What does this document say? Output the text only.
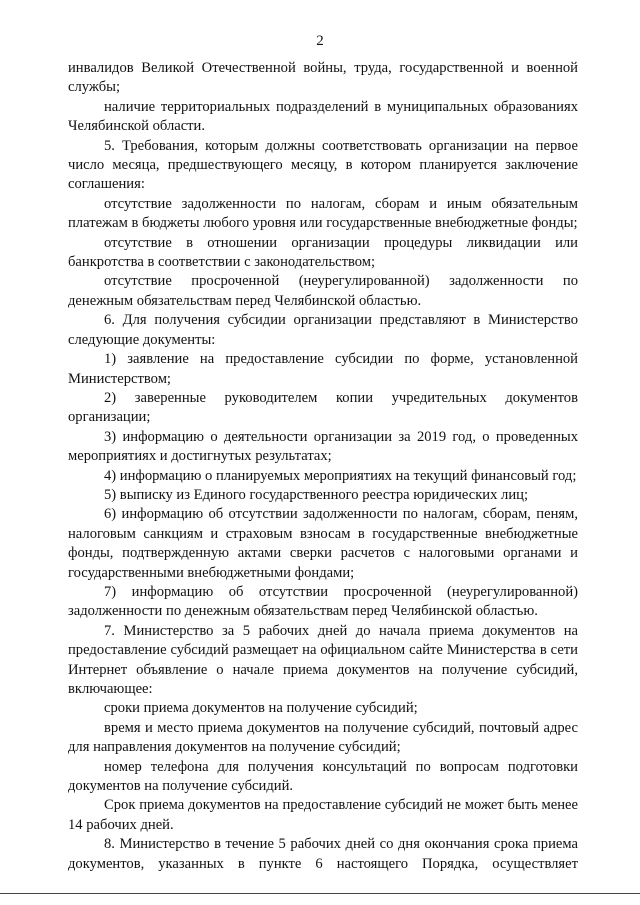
2

инвалидов Великой Отечественной войны, труда, государственной и военной службы;

наличие территориальных подразделений в муниципальных образованиях Челябинской области.

5. Требования, которым должны соответствовать организации на первое число месяца, предшествующего месяцу, в котором планируется заключение соглашения:

отсутствие задолженности по налогам, сборам и иным обязательным платежам в бюджеты любого уровня или государственные внебюджетные фонды;

отсутствие в отношении организации процедуры ликвидации или банкротства в соответствии с законодательством;

отсутствие просроченной (неурегулированной) задолженности по денежным обязательствам перед Челябинской областью.

6. Для получения субсидии организации представляют в Министерство следующие документы:

1) заявление на предоставление субсидии по форме, установленной Министерством;

2) заверенные руководителем копии учредительных документов организации;

3) информацию о деятельности организации за 2019 год, о проведенных мероприятиях и достигнутых результатах;

4) информацию о планируемых мероприятиях на текущий финансовый год;

5) выписку из Единого государственного реестра юридических лиц;

6) информацию об отсутствии задолженности по налогам, сборам, пеням, налоговым санкциям и страховым взносам в государственные внебюджетные фонды, подтвержденную актами сверки расчетов с налоговыми органами и государственными внебюджетными фондами;

7) информацию об отсутствии просроченной (неурегулированной) задолженности по денежным обязательствам перед Челябинской областью.

7. Министерство за 5 рабочих дней до начала приема документов на предоставление субсидий размещает на официальном сайте Министерства в сети Интернет объявление о начале приема документов на получение субсидий, включающее:

сроки приема документов на получение субсидий;

время и место приема документов на получение субсидий, почтовый адрес для направления документов на получение субсидий;

номер телефона для получения консультаций по вопросам подготовки документов на получение субсидий.

Срок приема документов на предоставление субсидий не может быть менее 14 рабочих дней.

8. Министерство в течение 5 рабочих дней со дня окончания срока приема документов, указанных в пункте 6 настоящего Порядка, осуществляет
